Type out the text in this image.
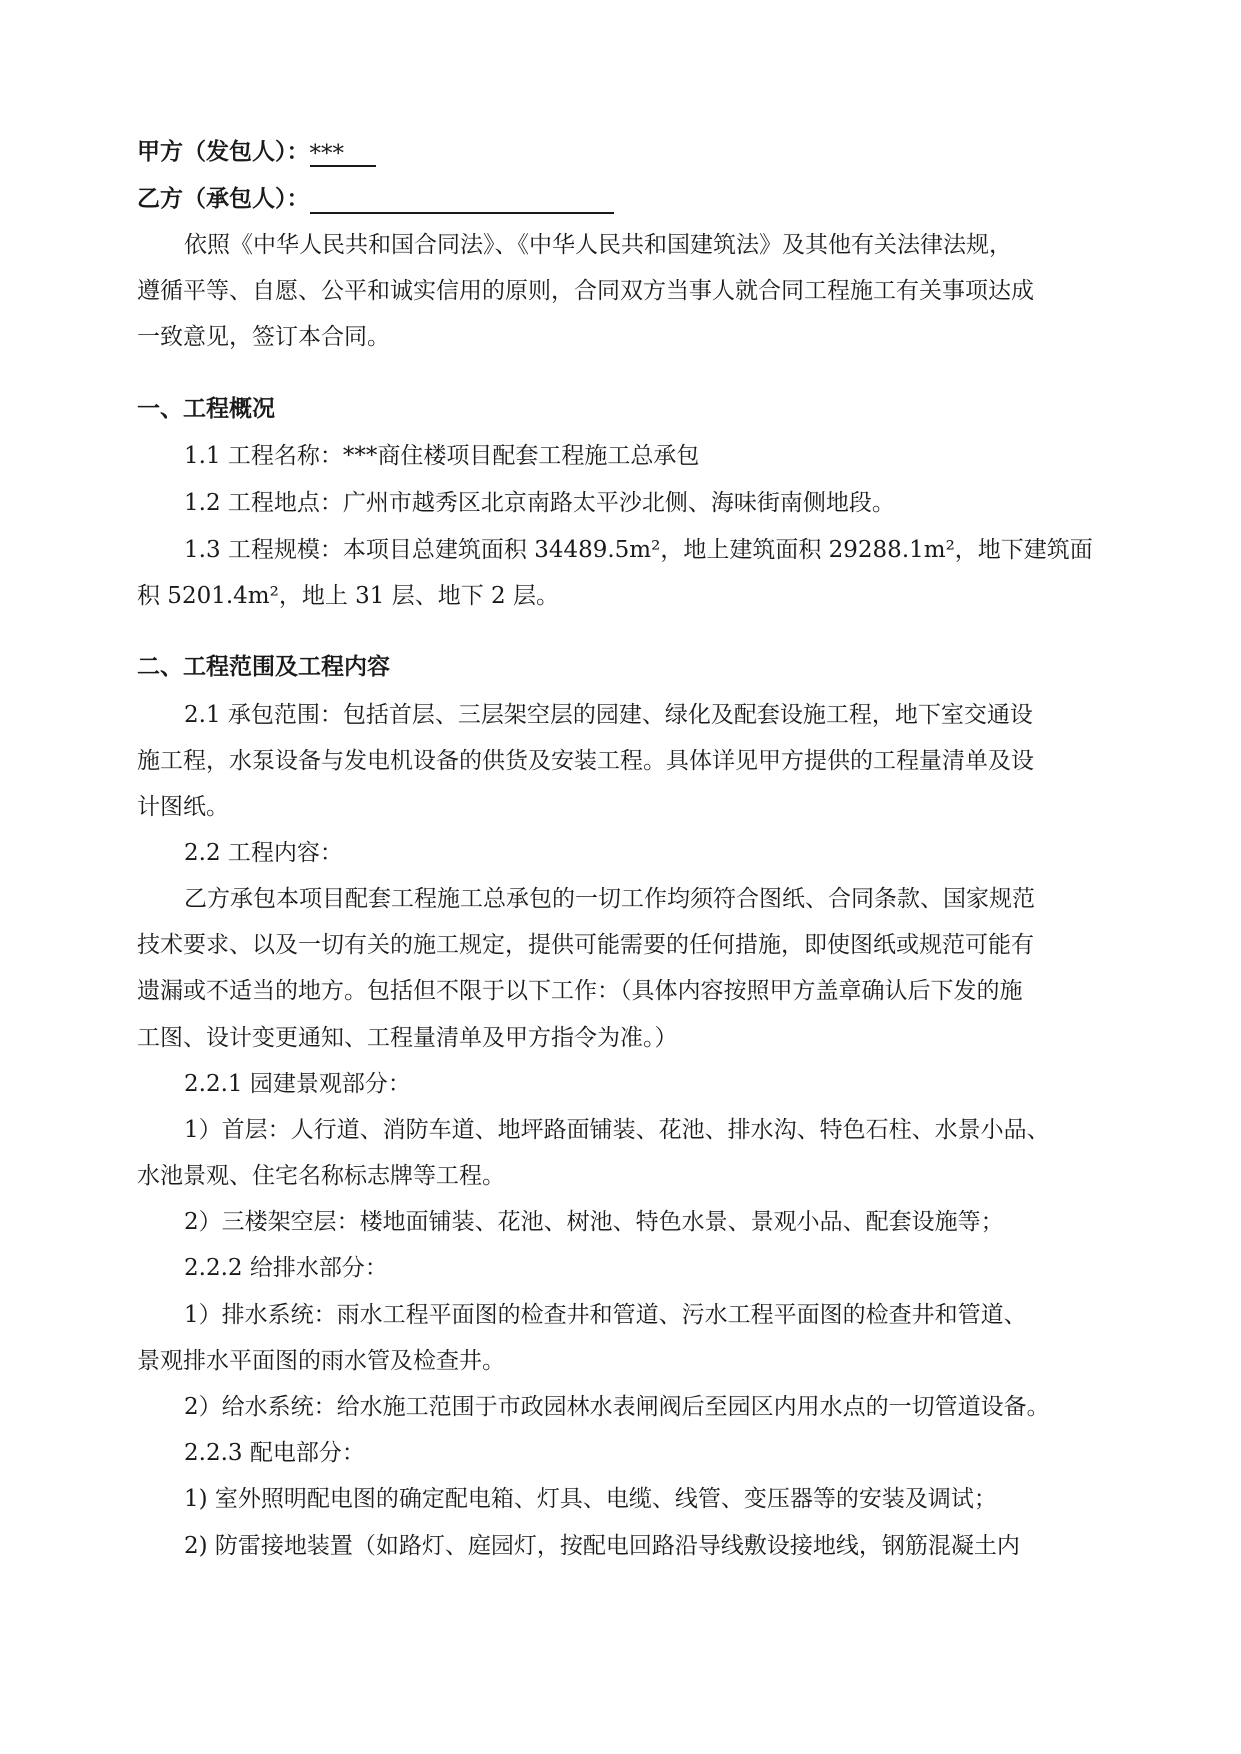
甲方（发包人）：***
乙方（承包人）：
依照《中华人民共和国合同法》、《中华人民共和国建筑法》及其他有关法律法规，
遵循平等、自愿、公平和诚实信用的原则，合同双方当事人就合同工程施工有关事项达成
一致意见，签订本合同。
一、工程概况
1.1 工程名称：***商住楼项目配套工程施工总承包
1.2 工程地点：广州市越秀区北京南路太平沙北侧、海味街南侧地段。
1.3 工程规模：本项目总建筑面积 34489.5m²，地上建筑面积 29288.1m²，地下建筑面
积 5201.4m²，地上 31 层、地下 2 层。
二、工程范围及工程内容
2.1 承包范围：包括首层、三层架空层的园建、绿化及配套设施工程，地下室交通设
施工程，水泵设备与发电机设备的供货及安装工程。具体详见甲方提供的工程量清单及设
计图纸。
2.2 工程内容：
乙方承包本项目配套工程施工总承包的一切工作均须符合图纸、合同条款、国家规范
技术要求、以及一切有关的施工规定，提供可能需要的任何措施，即使图纸或规范可能有
遗漏或不适当的地方。包括但不限于以下工作：（具体内容按照甲方盖章确认后下发的施
工图、设计变更通知、工程量清单及甲方指令为准。）
2.2.1 园建景观部分：
1）首层：人行道、消防车道、地坪路面铺装、花池、排水沟、特色石柱、水景小品、
水池景观、住宅名称标志牌等工程。
2）三楼架空层：楼地面铺装、花池、树池、特色水景、景观小品、配套设施等；
2.2.2 给排水部分：
1）排水系统：雨水工程平面图的检查井和管道、污水工程平面图的检查井和管道、
景观排水平面图的雨水管及检查井。
2）给水系统：给水施工范围于市政园林水表闸阀后至园区内用水点的一切管道设备。
2.2.3 配电部分：
1) 室外照明配电图的确定配电箱、灯具、电缆、线管、变压器等的安装及调试；
2) 防雷接地装置（如路灯、庭园灯，按配电回路沿导线敷设接地线，钢筋混凝土内
